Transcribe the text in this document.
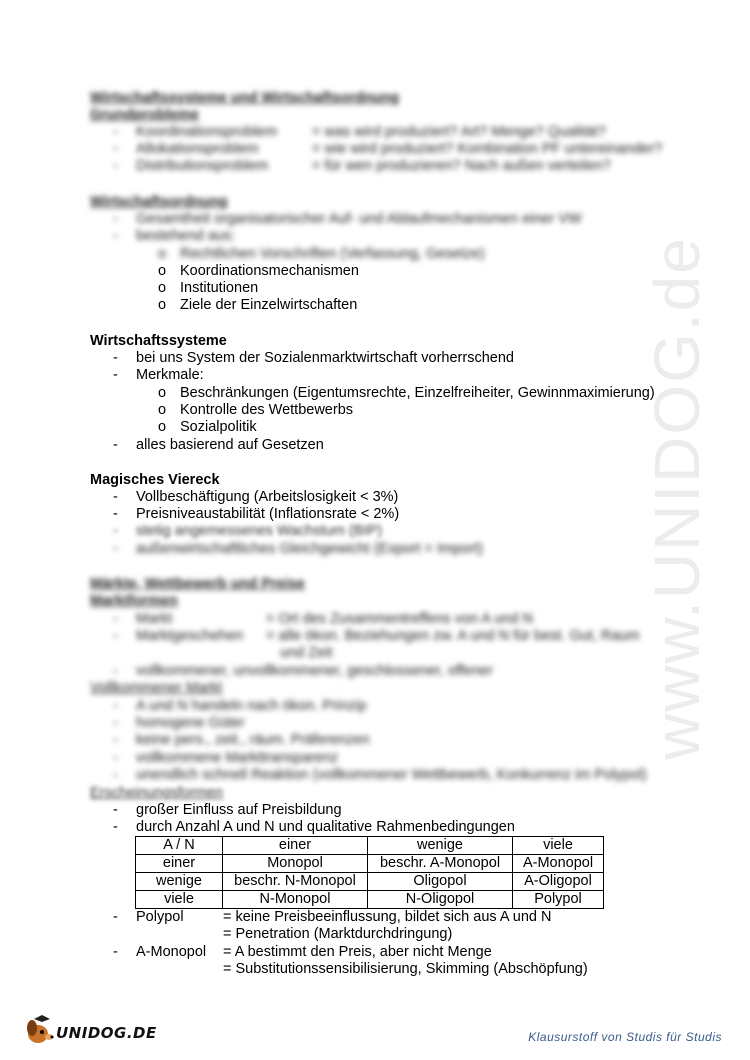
www.UNIDOG.de
Wirtschaftssysteme und Wirtschaftsordnung
Grundprobleme
- Koordinationsproblem = was wird produziert? Art? Menge? Qualität?
- Allokationsproblem	= wie wird produziert? Kombination PF untereinander?
- Distributionsproblem	= für wen produzieren? Nach außen verteilen?
Wirtschaftsordnung
- Gesamtheit organisatorischer Auf- und Ablaufmechanismen einer VW
- bestehend aus:
o Rechtlichen Vorschriften (Verfassung, Gesetze)
o Koordinationsmechanismen
o Institutionen
o Ziele der Einzelwirtschaften
Wirtschaftssysteme
- bei uns System der Sozialenmarktwirtschaft vorherrschend
- Merkmale:
o Beschränkungen (Eigentumsrechte, Einzelfreiheiter, Gewinnmaximierung)
o Kontrolle des Wettbewerbs
o Sozialpolitik
- alles basierend auf Gesetzen
Magisches Viereck
- Vollbeschäftigung (Arbeitslosigkeit < 3%)
- Preisniveaustabilität (Inflationsrate < 2%)
- stetig angemessenes Wachstum (BIP)
- außenwirtschaftliches Gleichgewicht (Export = Import)
Märkte, Wettbewerb und Preise
Marktformen
- Markt	= Ort des Zusammentreffens von A und N
- Marktgeschehen = alle ökon. Beziehungen zw. A und N für best. Gut, Raum
und Zeit
- vollkommener, unvollkommener, geschlossener, offener
Vollkommener Markt
- A und N handeln nach ökon. Prinzip
- homogene Güter
- keine pers., zeit., räum. Präferenzen
- vollkommene Markttransparenz
- unendlich schnell Reaktion (vollkommener Wettbewerb, Konkurrenz im Polypol)
Erscheinungsformen
- großer Einfluss auf Preisbildung
- durch Anzahl A und N und qualitative Rahmenbedingungen
A / N	einer	wenige	viele
einer	Monopol	beschr. A-Monopol	A-Monopol
wenige	beschr. N-Monopol	Oligopol	A-Oligopol
viele	N-Monopol	N-Oligopol	Polypol
- Polypol	= keine Preisbeeinflussung, bildet sich aus A und N
= Penetration (Marktdurchdringung)
- A-Monopol = A bestimmt den Preis, aber nicht Menge
= Substitutionssensibilisierung, Skimming (Abschöpfung)
UNIDOG.DE	Klausurstoff von Studis für Studis
